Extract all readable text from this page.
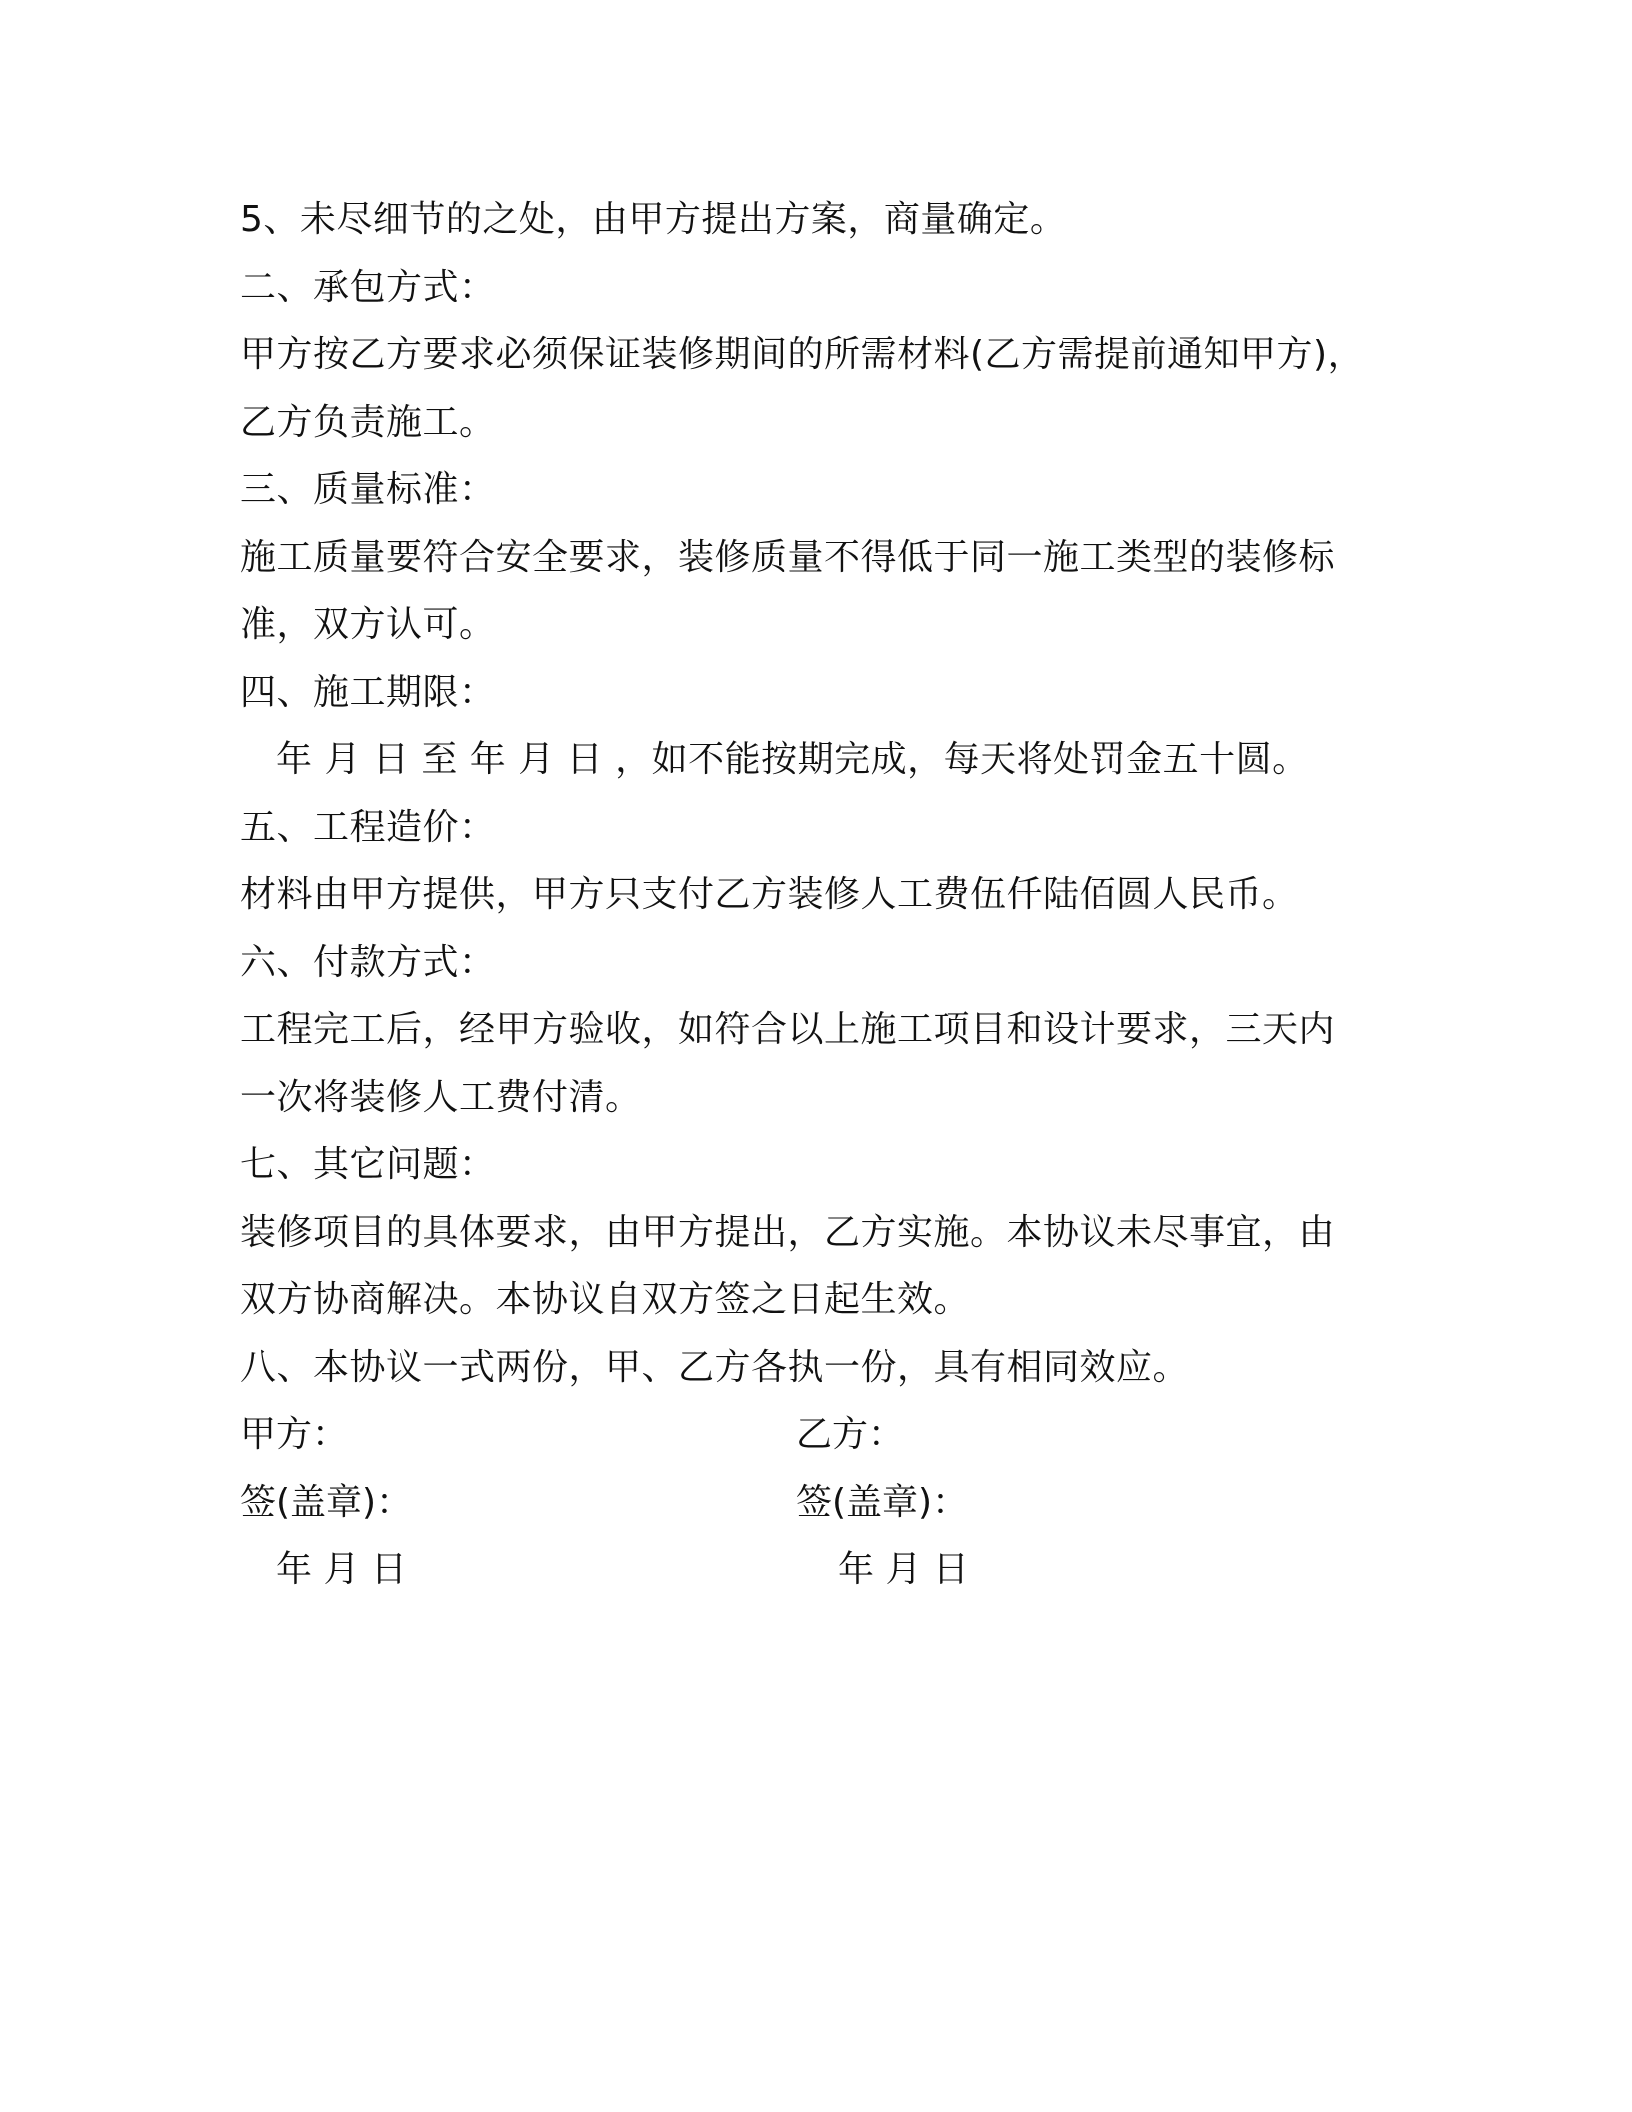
5、未尽细节的之处，由甲方提出方案，商量确定。
二、承包方式：
甲方按乙方要求必须保证装修期间的所需材料(乙方需提前通知甲方)，
乙方负责施工。
三、质量标准：
施工质量要符合安全要求，装修质量不得低于同一施工类型的装修标
准，双方认可。
四、施工期限：
年 月 日 至 年 月 日 ，如不能按期完成，每天将处罚金五十圆。
五、工程造价：
材料由甲方提供，甲方只支付乙方装修人工费伍仟陆佰圆人民币。
六、付款方式：
工程完工后，经甲方验收，如符合以上施工项目和设计要求，三天内
一次将装修人工费付清。
七、其它问题：
装修项目的具体要求，由甲方提出，乙方实施。本协议未尽事宜，由
双方协商解决。本协议自双方签之日起生效。
八、本协议一式两份，甲、乙方各执一份，具有相同效应。
甲方：	乙方：
签(盖章)：	签(盖章)：
年 月 日	年 月 日
